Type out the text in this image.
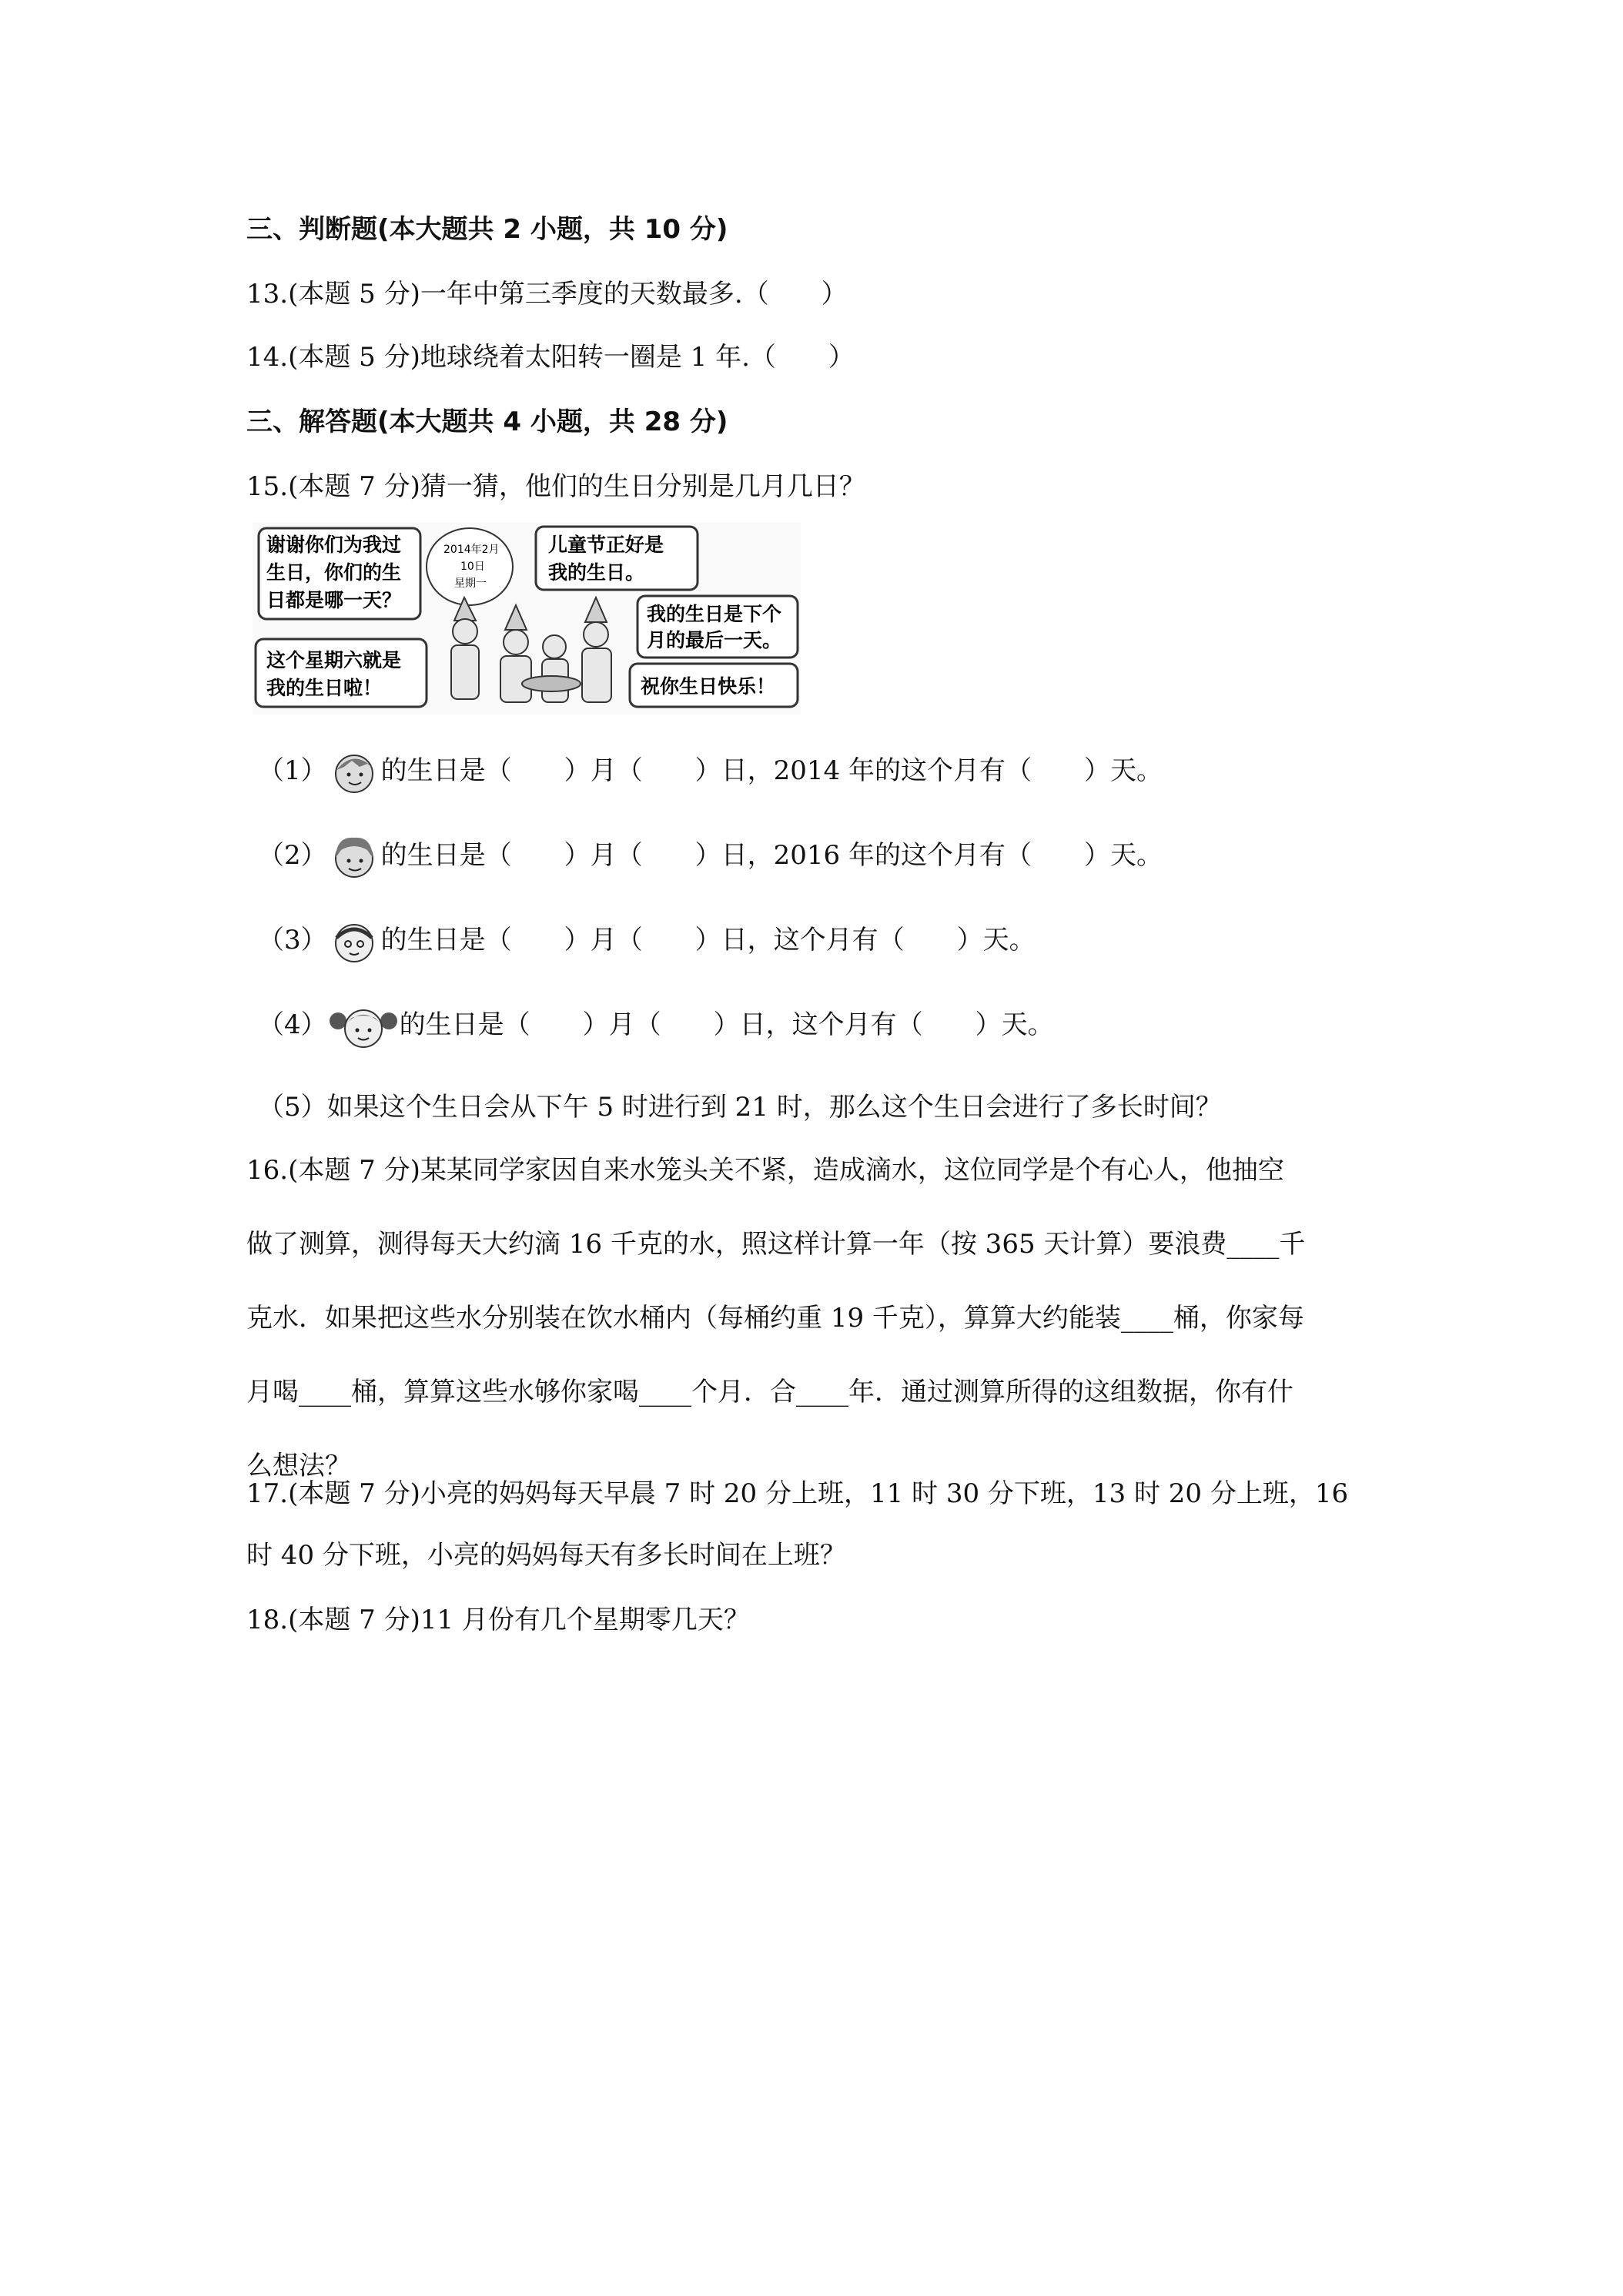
三、判断题(本大题共 2 小题，共 10 分)
13.(本题 5 分)一年中第三季度的天数最多.（　　）
14.(本题 5 分)地球绕着太阳转一圈是 1 年.（　　）
三、解答题(本大题共 4 小题，共 28 分)
15.(本题 7 分)猜一猜，他们的生日分别是几月几日？
谢谢你们为我过
生日，你们的生
日都是哪一天？
2014年2月
10日
星期一
儿童节正好是
我的生日。
我的生日是下个
月的最后一天。
这个星期六就是
我的生日啦！	祝你生日快乐！
（1） 的生日是（　　）月（　　）日，2014 年的这个月有（　　）天。
（2） 的生日是（　　）月（　　）日，2016 年的这个月有（　　）天。
（3） 的生日是（　　）月（　　）日，这个月有（　　）天。
（4）	的生日是（　　）月（　　）日，这个月有（　　）天。
（5）如果这个生日会从下午 5 时进行到 21 时，那么这个生日会进行了多长时间？
16.(本题 7 分)某某同学家因自来水笼头关不紧，造成滴水，这位同学是个有心人，他抽空
做了测算，测得每天大约滴 16 千克的水，照这样计算一年（按 365 天计算）要浪费____千
克水．如果把这些水分别装在饮水桶内（每桶约重 19 千克），算算大约能装____桶，你家每
月喝____桶，算算这些水够你家喝____个月．合____年．通过测算所得的这组数据，你有什
么想法？
17.(本题 7 分)小亮的妈妈每天早晨 7 时 20 分上班，11 时 30 分下班，13 时 20 分上班，16
时 40 分下班，小亮的妈妈每天有多长时间在上班？
18.(本题 7 分)11 月份有几个星期零几天？
